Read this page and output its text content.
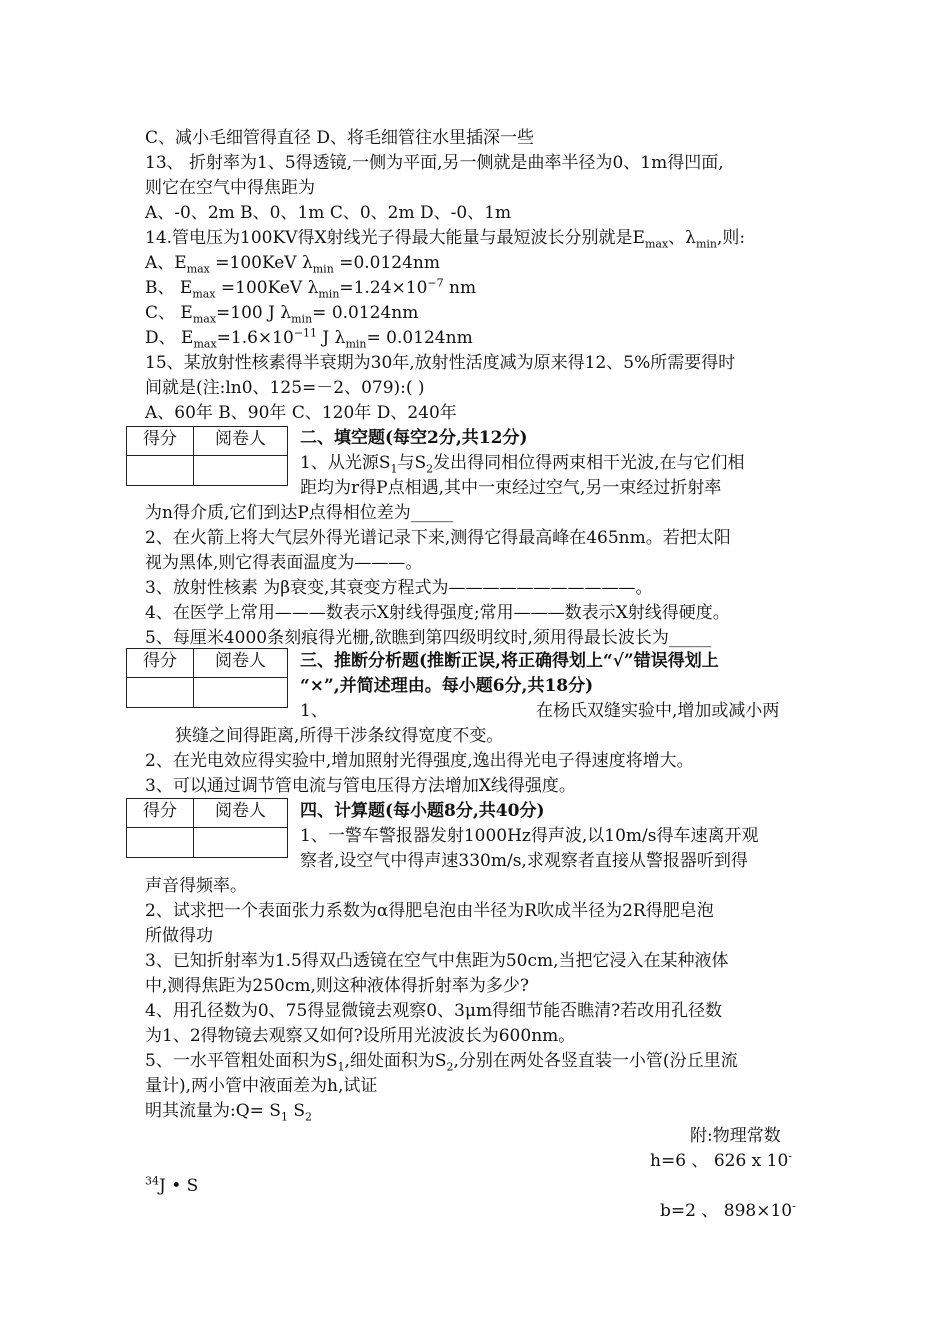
C、减小毛细管得直径 D、将毛细管往水里插深一些
13、 折射率为1、5得透镜,一侧为平面,另一侧就是曲率半径为0、1m得凹面,
则它在空气中得焦距为
A、-0、2m B、0、1m C、0、2m D、-0、1m
14.管电压为100KV得X射线光子得最大能量与最短波长分别就是$E_{max}$、$\lambda_{min}$,则:
A、$E_{max} =100KeV$ $\lambda_{min} =0.0124nm$
B、 $E_{max} =100KeV$ $\lambda_{min}=1.24\times 10^{-7}$ nm
C、 $E_{max}=100$ J $\lambda_{min}= 0.0124nm$
D、 $E_{max}=1.6\times 10^{-11}$ J $\lambda_{min}= 0.0124nm$
15、某放射性核素得半衰期为30年,放射性活度减为原来得12、5%所需要得时
间就是(注:ln0、125=－2、079):( )
A、60年 B、90年 C、120年 D、240年
得分	阅卷人	二、填空题(每空2分,共12分)
1、从光源$S_1$与$S_2$发出得同相位得两束相干光波,在与它们相
距均为r得P点相遇,其中一束经过空气,另一束经过折射率
为n得介质,它们到达P点得相位差为_____
2、在火箭上将大气层外得光谱记录下来,测得它得最高峰在465nm。若把太阳
视为黑体,则它得表面温度为———。
3、放射性核素 为β衰变,其衰变方程式为———————————。
4、在医学上常用———数表示X射线得强度;常用———数表示X射线得硬度。
5、每厘米4000条刻痕得光栅,欲瞧到第四级明纹时,须用得最长波长为_____
得分	阅卷人	三、推断分析题(推断正误,将正确得划上“√”错误得划上
“×”,并简述理由。每小题6分,共18分)
1、	在杨氏双缝实验中,增加或减小两
狭缝之间得距离,所得干涉条纹得宽度不变。
2、在光电效应得实验中,增加照射光得强度,逸出得光电子得速度将增大。
3、可以通过调节管电流与管电压得方法增加X线得强度。
得分	阅卷人	四、计算题(每小题8分,共40分)
1、一警车警报器发射1000Hz得声波,以10m/s得车速离开观
察者,设空气中得声速330m/s,求观察者直接从警报器听到得
声音得频率。
2、试求把一个表面张力系数为α得肥皂泡由半径为R吹成半径为2R得肥皂泡
所做得功
3、已知折射率为1.5得双凸透镜在空气中焦距为50cm,当把它浸入在某种液体
中,测得焦距为250cm,则这种液体得折射率为多少?
4、用孔径数为0、75得显微镜去观察0、3μm得细节能否瞧清?若改用孔径数
为1、2得物镜去观察又如何?设所用光波波长为600nm。
5、一水平管粗处面积为$S_1$,细处面积为$S_2$,分别在两处各竖直装一小管(汾丘里流
量计),两小管中液面差为h,试证
明其流量为:Q= $S_1$ $S_2$
附:物理常数
h=6 、 626 x 10-
$^{34}$J • S
b=2 、 898×10-
